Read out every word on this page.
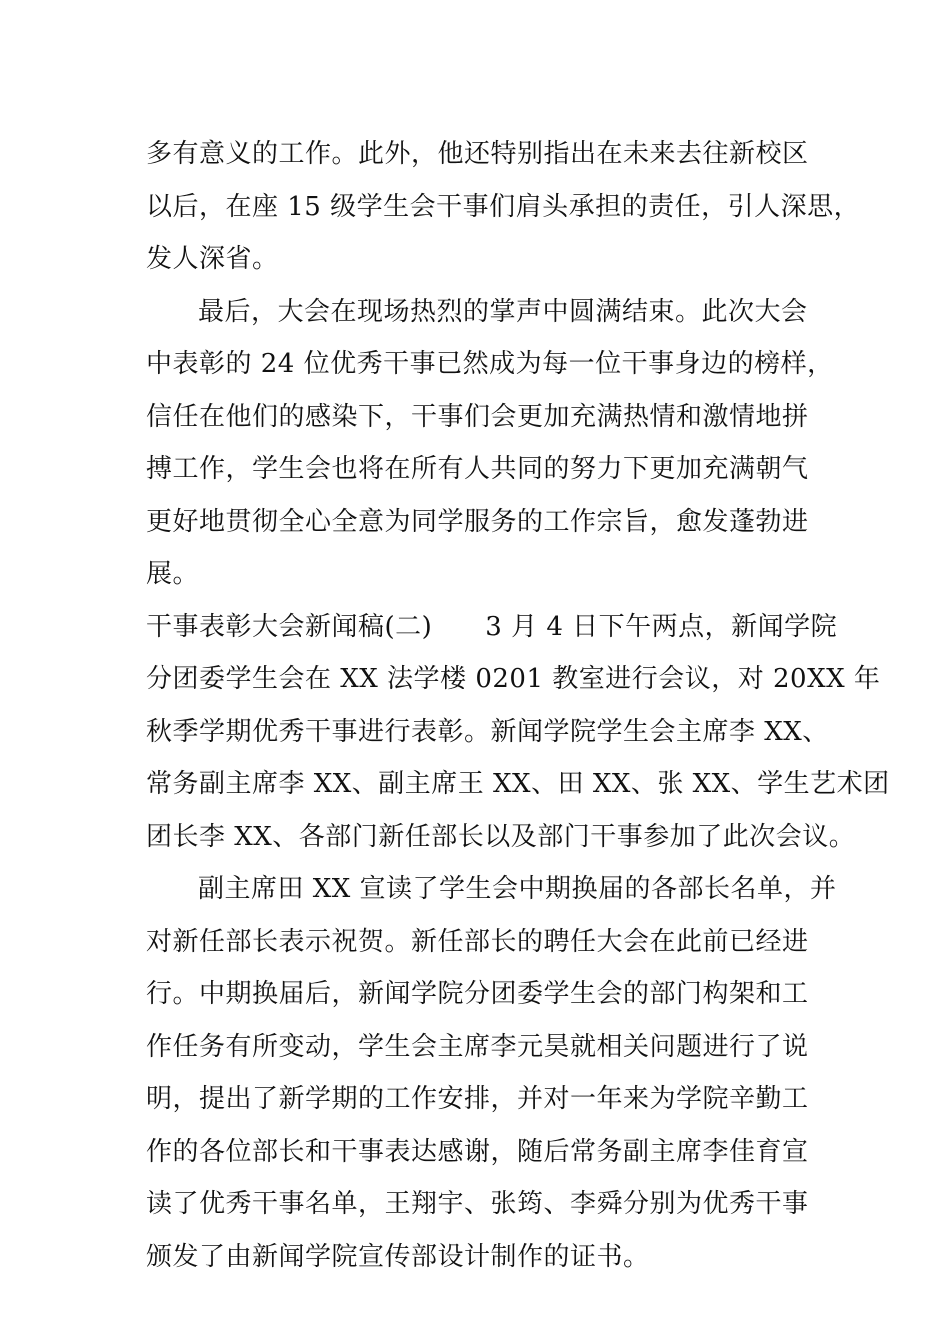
多有意义的工作。此外，他还特别指出在未来去往新校区
以后，在座 15 级学生会干事们肩头承担的责任，引人深思，
发人深省。
最后，大会在现场热烈的掌声中圆满结束。此次大会
中表彰的 24 位优秀干事已然成为每一位干事身边的榜样，
信任在他们的感染下，干事们会更加充满热情和激情地拼
搏工作，学生会也将在所有人共同的努力下更加充满朝气
更好地贯彻全心全意为同学服务的工作宗旨，愈发蓬勃进
展。
干事表彰大会新闻稿(二)　　3 月 4 日下午两点，新闻学院
分团委学生会在 XX 法学楼 0201 教室进行会议，对 20XX 年
秋季学期优秀干事进行表彰。新闻学院学生会主席李 XX、
常务副主席李 XX、副主席王 XX、田 XX、张 XX、学生艺术团
团长李 XX、各部门新任部长以及部门干事参加了此次会议。
副主席田 XX 宣读了学生会中期换届的各部长名单，并
对新任部长表示祝贺。新任部长的聘任大会在此前已经进
行。中期换届后，新闻学院分团委学生会的部门构架和工
作任务有所变动，学生会主席李元昊就相关问题进行了说
明，提出了新学期的工作安排，并对一年来为学院辛勤工
作的各位部长和干事表达感谢，随后常务副主席李佳育宣
读了优秀干事名单，王翔宇、张筠、李舜分别为优秀干事
颁发了由新闻学院宣传部设计制作的证书。
